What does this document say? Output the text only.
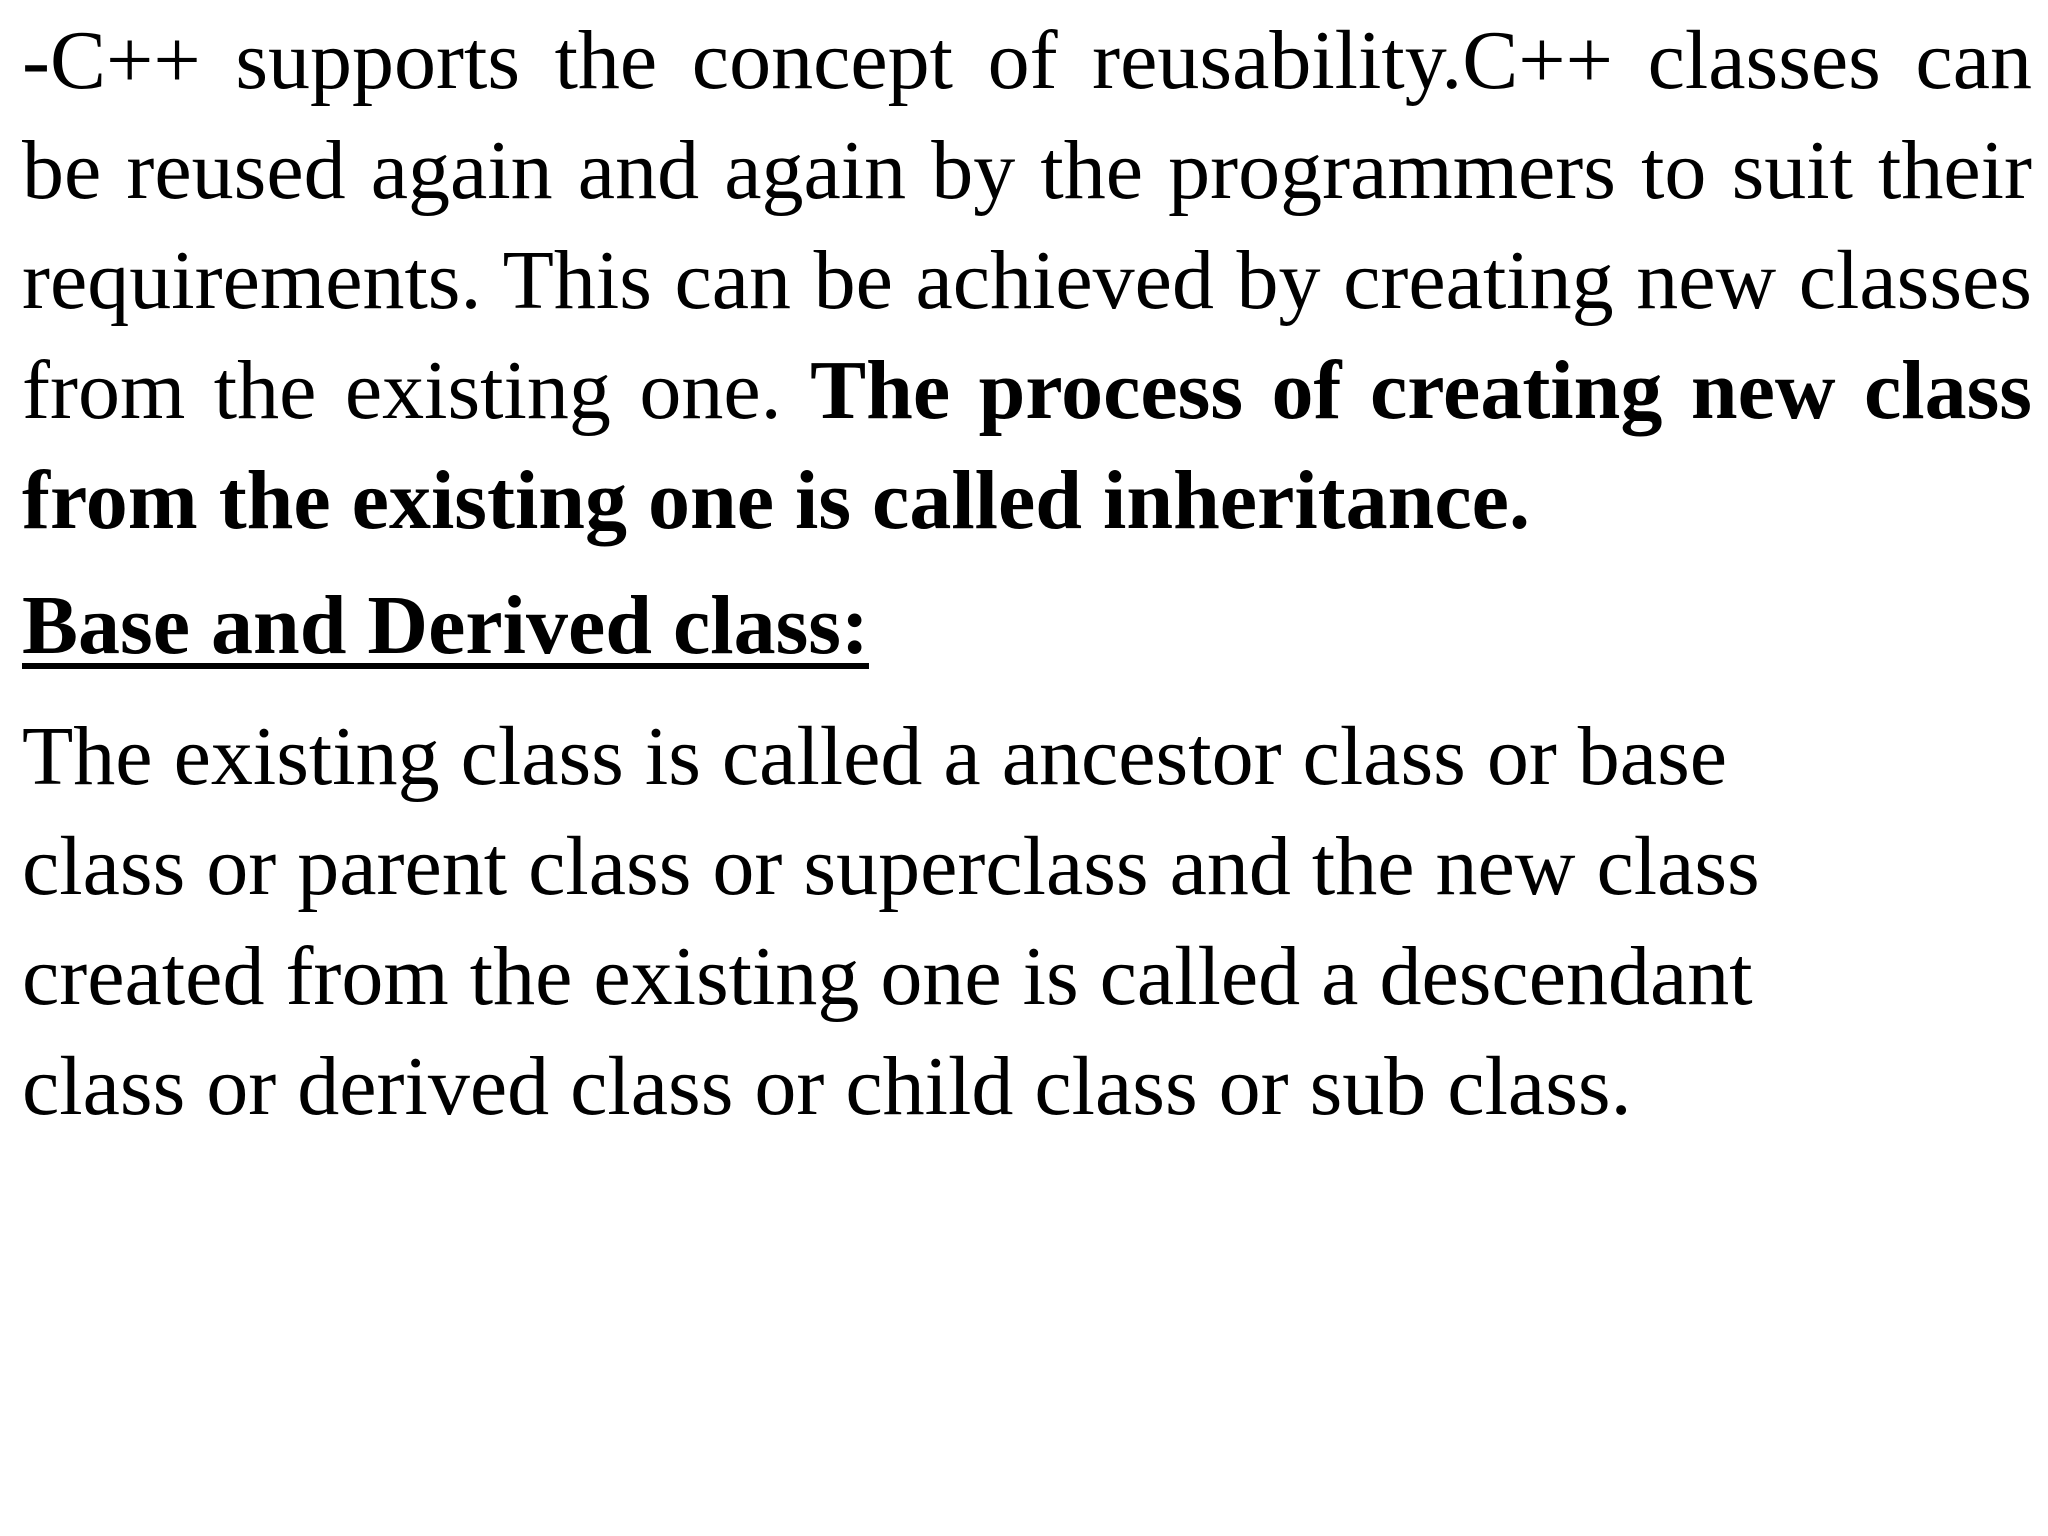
-C++ supports the concept of reusability.C++ classes can be reused again and again by the programmers to suit their requirements. This can be achieved by creating new classes from the existing one. The process of creating new class from the existing one is called inheritance.

Base and Derived class:

The existing class is called a ancestor class or base
class or parent class or superclass and the new class
created from the existing one is called a descendant
class or derived class or child class or sub class.
